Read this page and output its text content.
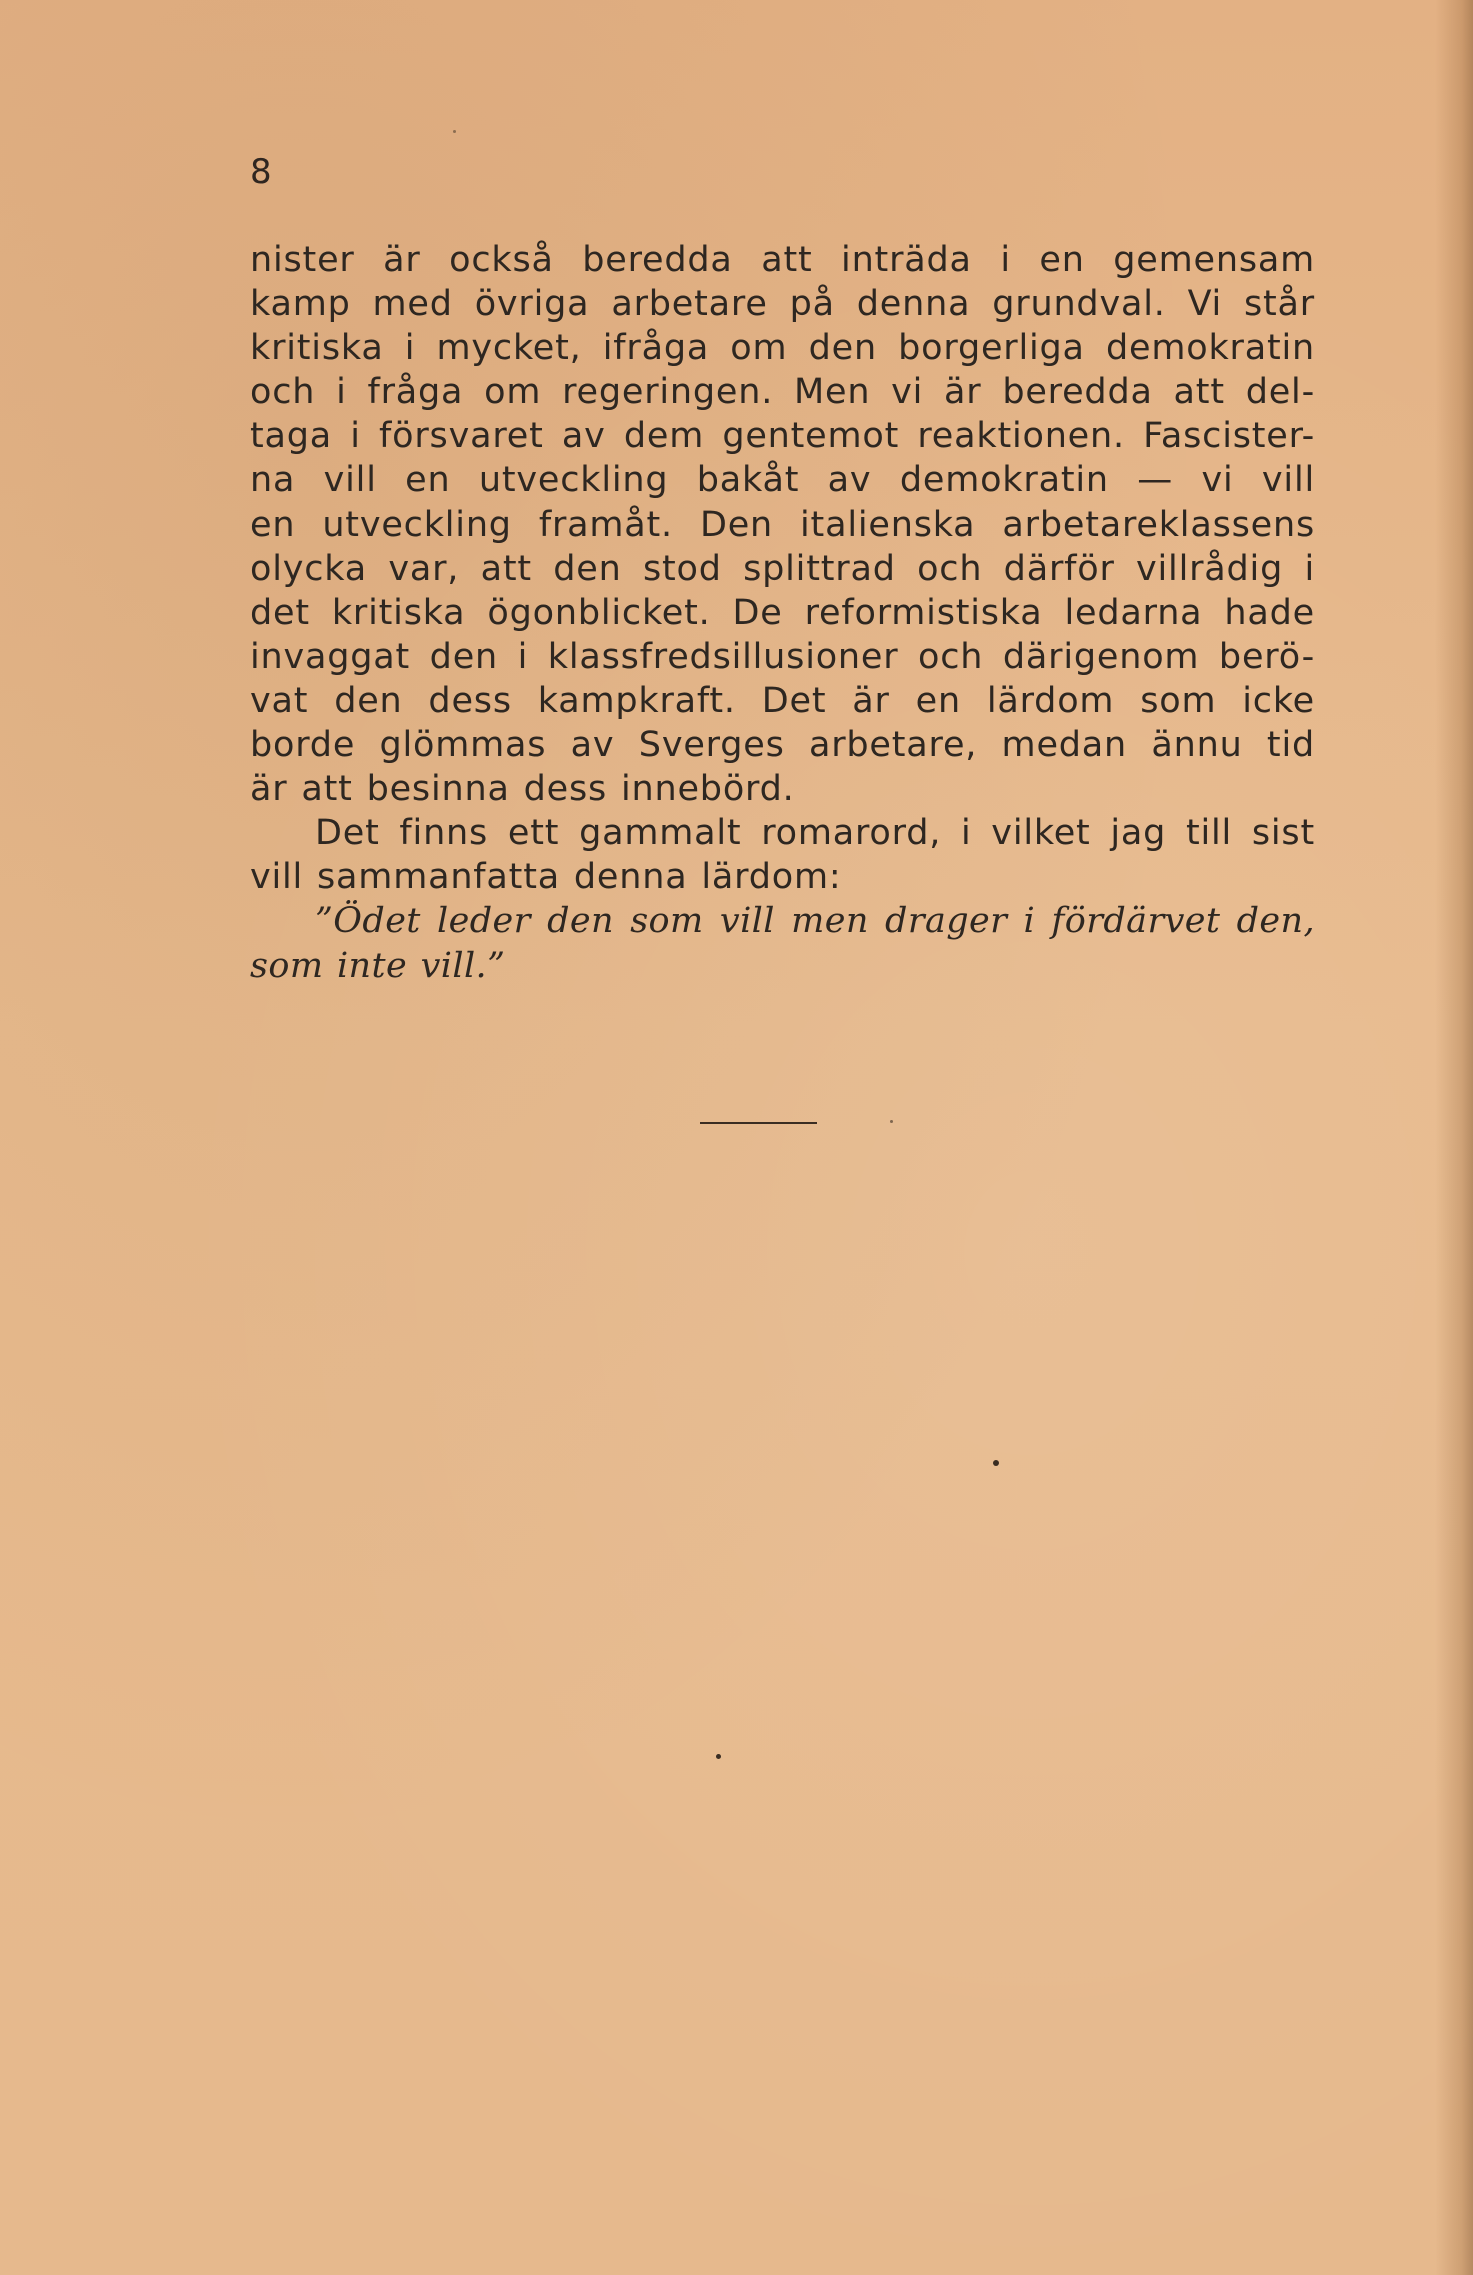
8
nister är också beredda att inträda i en gemensam
kamp med övriga arbetare på denna grundval. Vi står
kritiska i mycket, ifråga om den borgerliga demokratin
och i fråga om regeringen. Men vi är beredda att del-
taga i försvaret av dem gentemot reaktionen. Fascister-
na vill en utveckling bakåt av demokratin — vi vill
en utveckling framåt. Den italienska arbetareklassens
olycka var, att den stod splittrad och därför villrådig i
det kritiska ögonblicket. De reformistiska ledarna hade
invaggat den i klassfredsillusioner och därigenom berö-
vat den dess kampkraft. Det är en lärdom som icke
borde glömmas av Sverges arbetare, medan ännu tid
är att besinna dess innebörd.
Det finns ett gammalt romarord, i vilket jag till sist
vill sammanfatta denna lärdom:
”Ödet leder den som vill men drager i fördärvet den,
som inte vill.”
